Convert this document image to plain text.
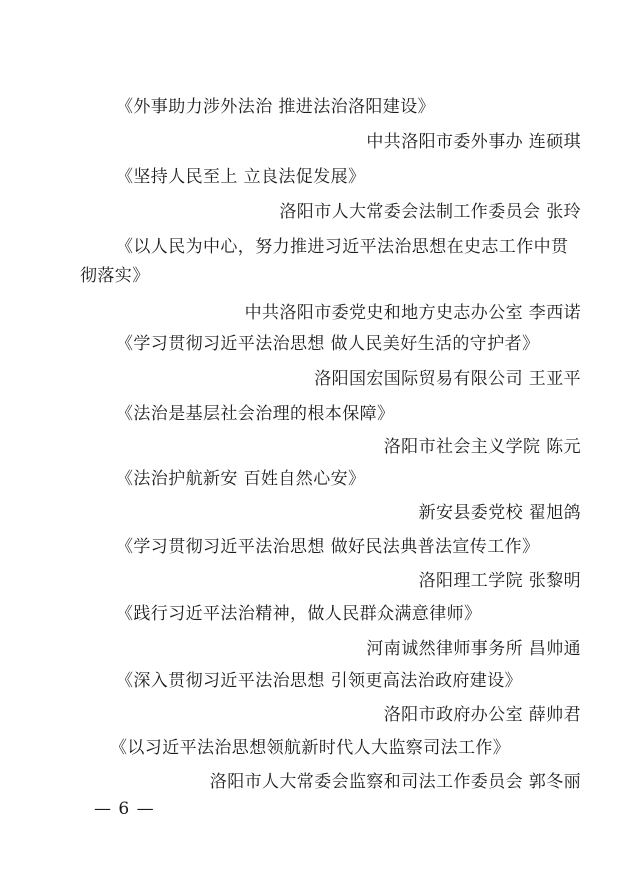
《外事助力涉外法治 推进法治洛阳建设》
中共洛阳市委外事办 连硕琪
《坚持人民至上 立良法促发展》
洛阳市人大常委会法制工作委员会 张玲
《以人民为中心，努力推进习近平法治思想在史志工作中贯
彻落实》
中共洛阳市委党史和地方史志办公室 李西诺
《学习贯彻习近平法治思想 做人民美好生活的守护者》
洛阳国宏国际贸易有限公司 王亚平
《法治是基层社会治理的根本保障》
洛阳市社会主义学院 陈元
《法治护航新安 百姓自然心安》
新安县委党校 翟旭鸽
《学习贯彻习近平法治思想 做好民法典普法宣传工作》
洛阳理工学院 张黎明
《践行习近平法治精神，做人民群众满意律师》
河南诚然律师事务所 昌帅通
《深入贯彻习近平法治思想 引领更高法治政府建设》
洛阳市政府办公室 薛帅君
《以习近平法治思想领航新时代人大监察司法工作》
洛阳市人大常委会监察和司法工作委员会 郭冬丽
— 6 —
